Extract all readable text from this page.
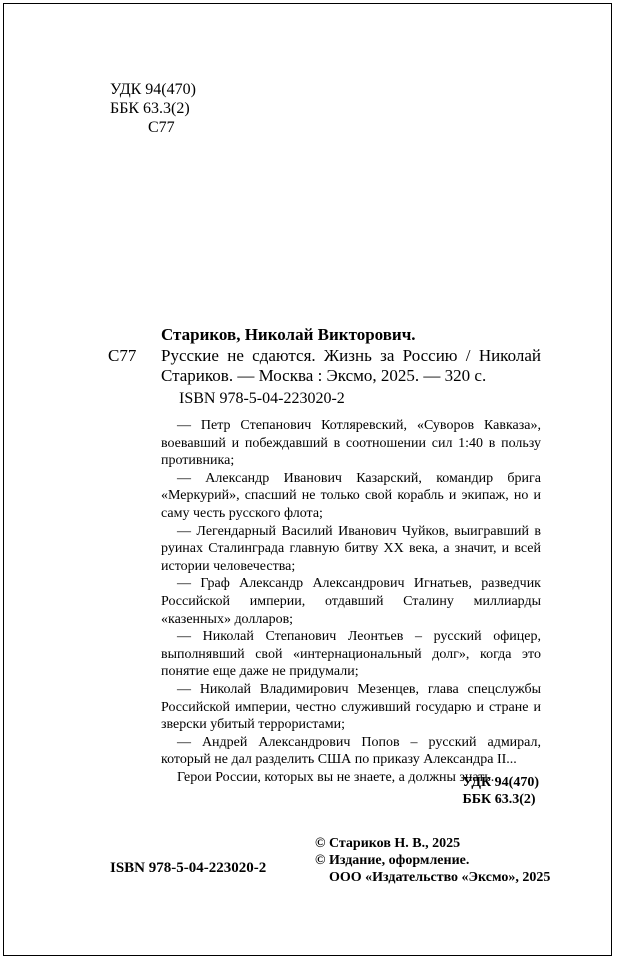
УДК 94(470)
ББК 63.3(2)
С77
Стариков, Николай Викторович.
С77 Русские не сдаются. Жизнь за Россию / Николай Стариков. — Москва : Эксмо, 2025. — 320 с.
ISBN 978-5-04-223020-2

— Петр Степанович Котляревский, «Суворов Кавказа», воевавший и побеждавший в соотношении сил 1:40 в пользу противника;

— Александр Иванович Казарский, командир брига «Меркурий», спасший не только свой корабль и экипаж, но и саму честь русского флота;

— Легендарный Василий Иванович Чуйков, выигравший в руинах Сталинграда главную битву XX века, а значит, и всей истории человечества;

— Граф Александр Александрович Игнатьев, разведчик Российской империи, отдавший Сталину миллиарды «казенных» долларов;

— Николай Степанович Леонтьев – русский офицер, выполнявший свой «интернациональный долг», когда это понятие еще даже не придумали;

— Николай Владимирович Мезенцев, глава спецслужбы Российской империи, честно служивший государю и стране и зверски убитый террористами;

— Андрей Александрович Попов – русский адмирал, который не дал разделить США по приказу Александра II...

Герои России, которых вы не знаете, а должны знать.

УДК 94(470)
ББК 63.3(2)
ISBN 978-5-04-223020-2
© Стариков Н. В., 2025
© Издание, оформление.
ООО «Издательство «Эксмо», 2025
